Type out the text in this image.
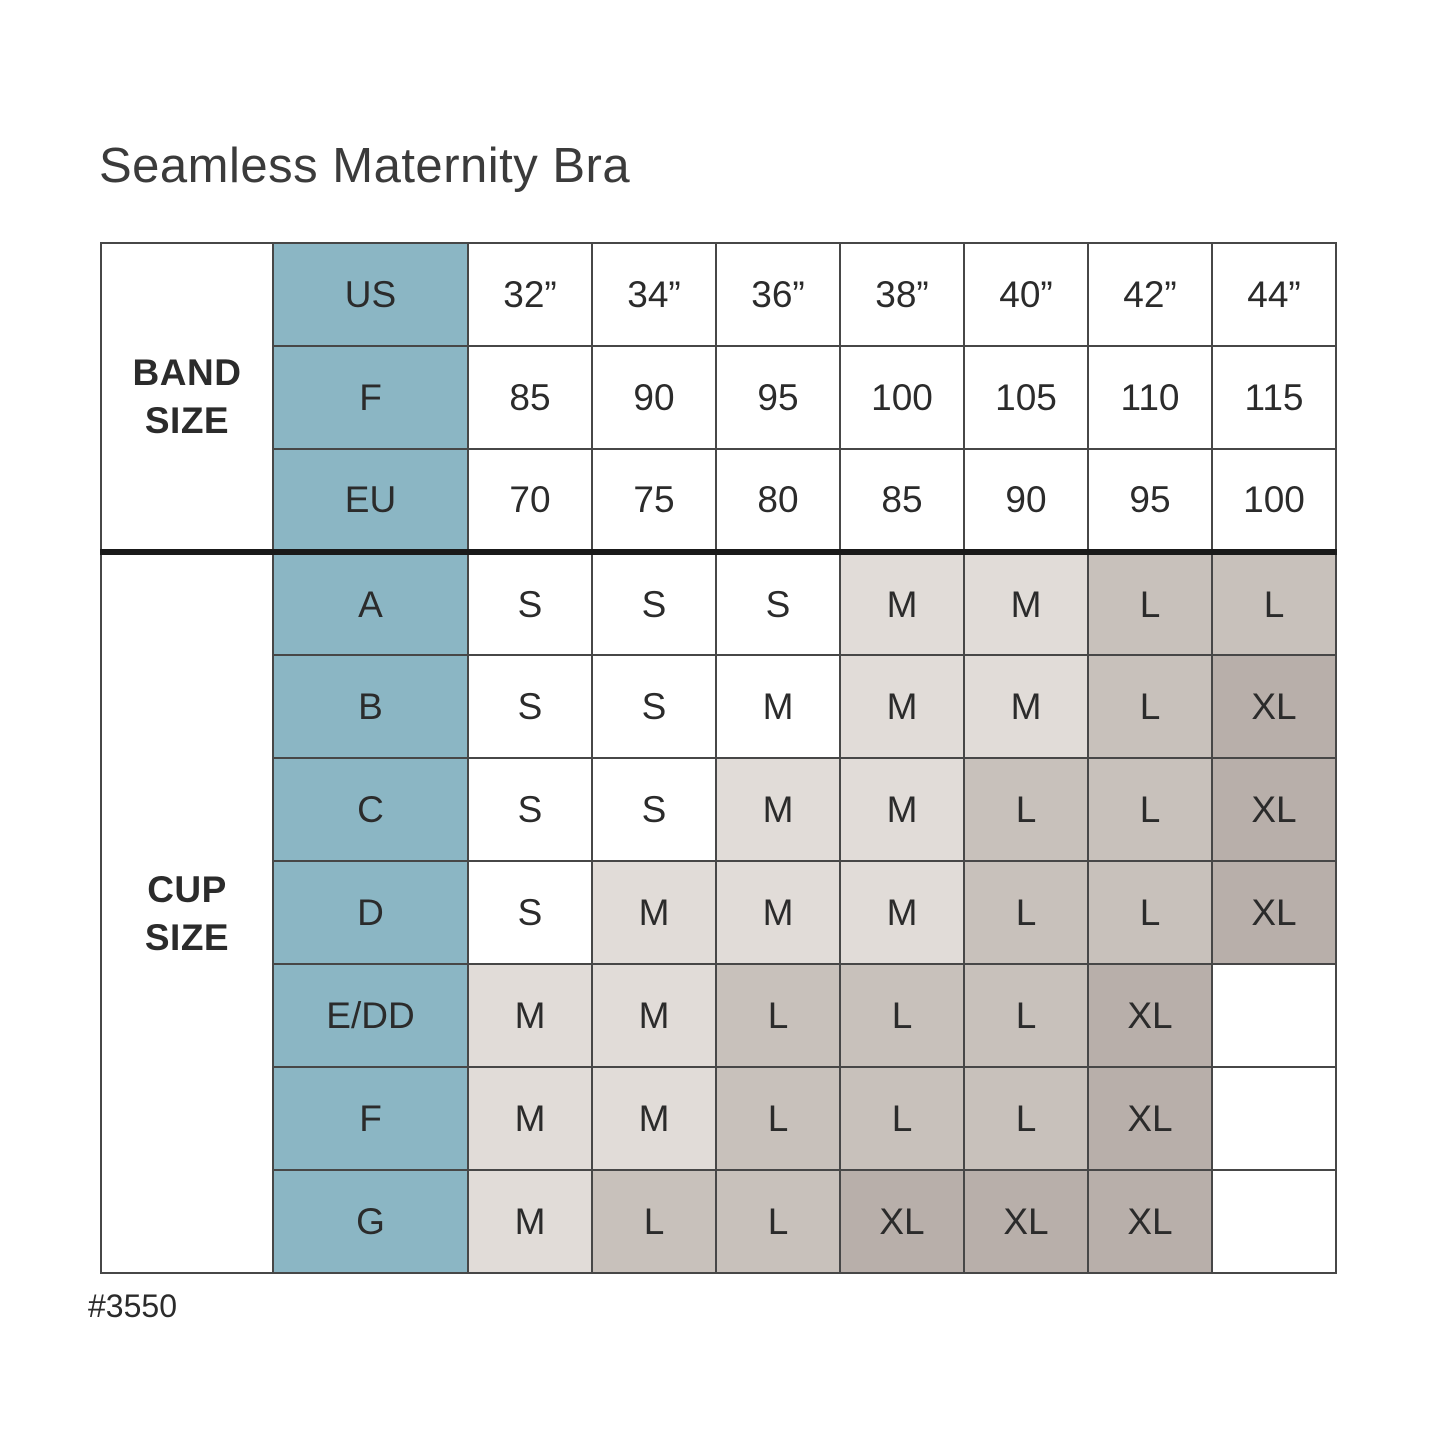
Seamless Maternity Bra
BAND
SIZE	US	32”	34”	36”	38”	40”	42”	44”
	F	85	90	95	100	105	110	115
	EU	70	75	80	85	90	95	100

CUP
SIZE	A	S	S	S	M	M	L	L
	B	S	S	M	M	M	L	XL
	C	S	S	M	M	L	L	XL
	D	S	M	M	M	L	L	XL
	E/DD	M	M	L	L	L	XL	
	F	M	M	L	L	L	XL	
	G	M	L	L	XL	XL	XL	
#3550
